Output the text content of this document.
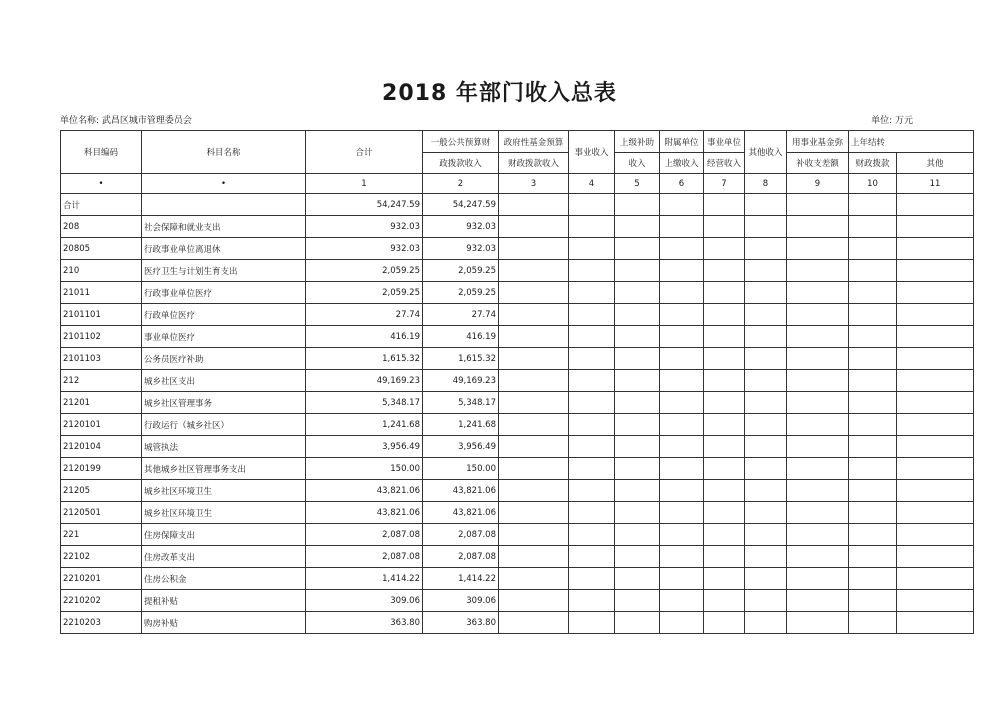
2018 年部门收入总表
单位名称: 武昌区城市管理委员会	单位: 万元
科目编码	科目名称	合计	一般公共预算财	政府性基金预算	事业收入	上级补助	附属单位	事业单位	其他收入	用事业基金弥	上年结转	
			政拨款收入	财政拨款收入		收入	上缴收入	经营收入		补收支差额	财政拨款	其他
•	•	1	2	3	4	5	6	7	8	9	10	11
合计		54,247.59	54,247.59									
208	社会保障和就业支出	932.03	932.03									
20805	行政事业单位离退休	932.03	932.03									
210	医疗卫生与计划生育支出	2,059.25	2,059.25									
21011	行政事业单位医疗	2,059.25	2,059.25									
2101101	行政单位医疗	27.74	27.74									
2101102	事业单位医疗	416.19	416.19									
2101103	公务员医疗补助	1,615.32	1,615.32									
212	城乡社区支出	49,169.23	49,169.23									
21201	城乡社区管理事务	5,348.17	5,348.17									
2120101	行政运行（城乡社区）	1,241.68	1,241.68									
2120104	城管执法	3,956.49	3,956.49									
2120199	其他城乡社区管理事务支出	150.00	150.00									
21205	城乡社区环境卫生	43,821.06	43,821.06									
2120501	城乡社区环境卫生	43,821.06	43,821.06									
221	住房保障支出	2,087.08	2,087.08									
22102	住房改革支出	2,087.08	2,087.08									
2210201	住房公积金	1,414.22	1,414.22									
2210202	提租补贴	309.06	309.06									
2210203	购房补贴	363.80	363.80									
